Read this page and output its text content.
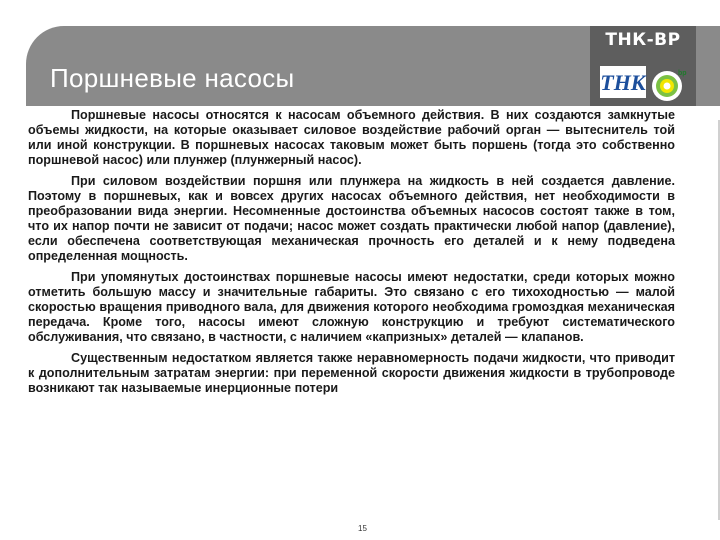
Поршневые насосы
ТНК-ВР
ТНК	bp

Поршневые насосы относятся к насосам объемного действия. В них создаются замкнутые объемы жидкости, на которые оказывает силовое воздействие рабочий орган — вытеснитель той или иной конструкции. В поршневых насосах таковым может быть поршень (тогда это собственно поршневой насос) или плунжер (плунжерный насос).

При силовом воздействии поршня или плунжера на жидкость в ней создается давление. Поэтому в поршневых, как и вовсех других насосах объемного действия, нет необходимости в преобразовании вида энергии. Несомненные достоинства объемных насосов состоят также в том, что их напор почти не зависит от подачи; насос может создать практически любой напор (давление), если обеспечена соответствующая механическая прочность его деталей и к нему подведена определенная мощность.

При упомянутых достоинствах поршневые насосы имеют недостатки, среди которых можно отметить большую массу и значительные габариты. Это связано с его тихоходностью — малой скоростью вращения приводного вала, для движения которого необходима громоздкая механическая передача. Кроме того, насосы имеют сложную конструкцию и требуют систематического обслуживания, что связано, в частности, с наличием «капризных» деталей — клапанов.

Существенным недостатком является также неравномерность подачи жидкости, что приводит к дополнительным затратам энергии: при переменной скорости движения жидкости в трубопроводе возникают так называемые инерционные потери

15
